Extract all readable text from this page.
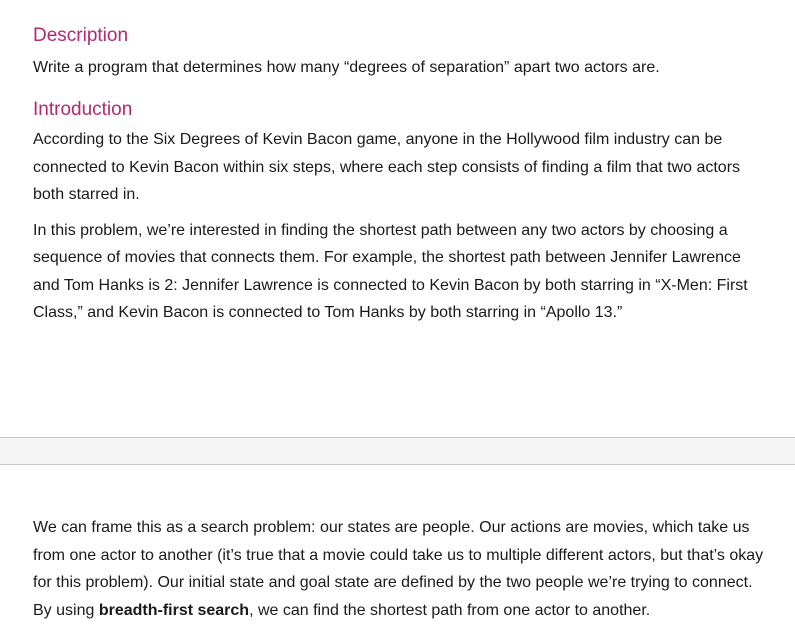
Description

Write a program that determines how many “degrees of separation” apart two actors are.

Introduction

According to the Six Degrees of Kevin Bacon game, anyone in the Hollywood film industry can be connected to Kevin Bacon within six steps, where each step consists of finding a film that two actors both starred in.

In this problem, we’re interested in finding the shortest path between any two actors by choosing a sequence of movies that connects them. For example, the shortest path between Jennifer Lawrence and Tom Hanks is 2: Jennifer Lawrence is connected to Kevin Bacon by both starring in “X-Men: First Class,” and Kevin Bacon is connected to Tom Hanks by both starring in “Apollo 13.”

We can frame this as a search problem: our states are people. Our actions are movies, which take us from one actor to another (it’s true that a movie could take us to multiple different actors, but that’s okay for this problem). Our initial state and goal state are defined by the two people we’re trying to connect. By using breadth-first search, we can find the shortest path from one actor to another.
